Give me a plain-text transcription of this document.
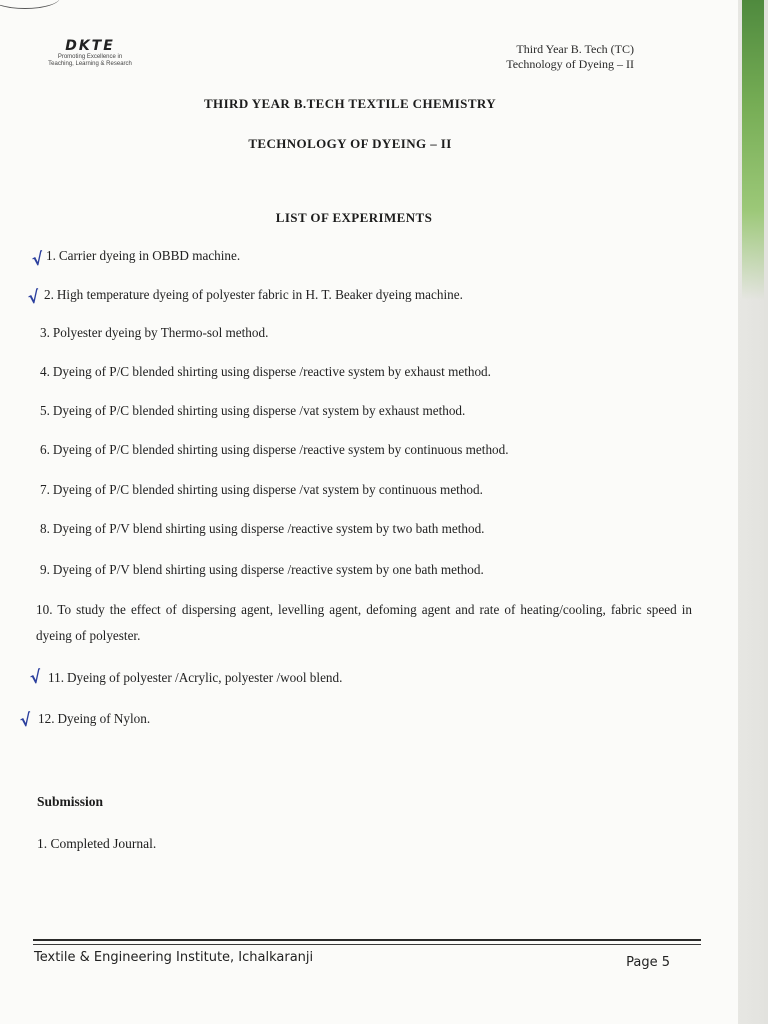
DKTE
Promoting Excellence in
Teaching, Learning & Research
Third Year B. Tech (TC)
Technology of Dyeing – II
THIRD YEAR B.TECH TEXTILE CHEMISTRY
TECHNOLOGY OF DYEING – II
LIST OF EXPERIMENTS
√
√
√
√
1. Carrier dyeing in OBBD machine.
2. High temperature dyeing of polyester fabric in H. T. Beaker dyeing machine.
3. Polyester dyeing by Thermo-sol method.
4. Dyeing of P/C blended shirting using disperse /reactive system by exhaust method.
5. Dyeing of P/C blended shirting using disperse /vat system by exhaust method.
6. Dyeing of P/C blended shirting using disperse /reactive system by continuous method.
7. Dyeing of P/C blended shirting using disperse /vat system by continuous method.
8. Dyeing of P/V blend shirting using disperse /reactive system by two bath method.
9. Dyeing of P/V blend shirting using disperse /reactive system by one bath method.
10. To study the effect of dispersing agent, levelling agent, defoming agent and rate of heating/cooling, fabric speed in dyeing of polyester.
11. Dyeing of polyester /Acrylic, polyester /wool blend.
12. Dyeing of Nylon.
Submission
1. Completed Journal.
Textile & Engineering Institute, Ichalkaranji	Page 5
